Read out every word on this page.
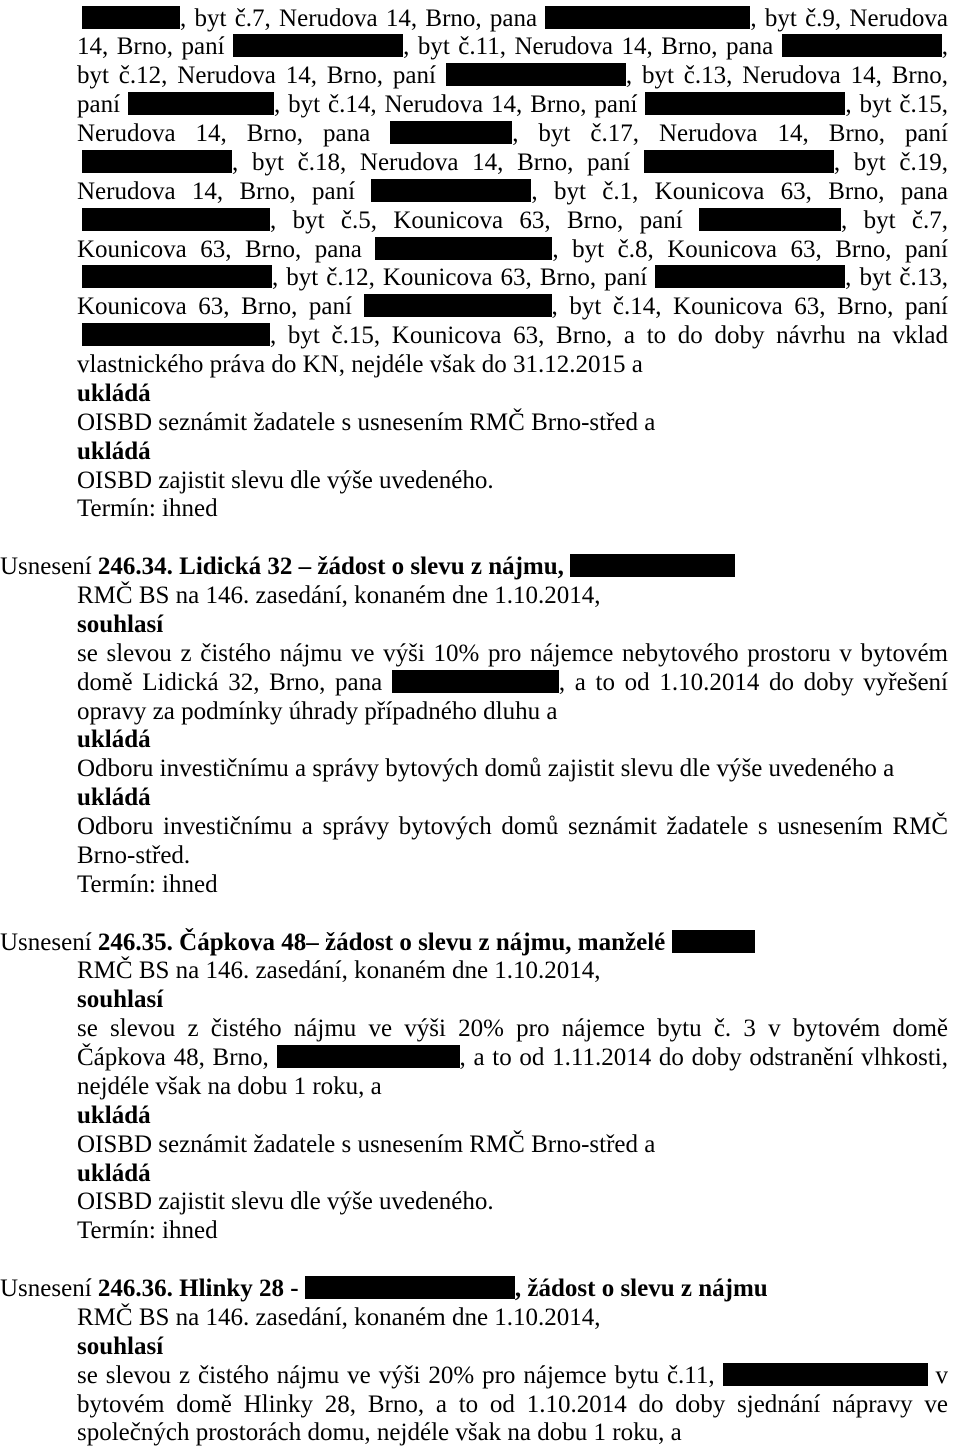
, byt č.7, Nerudova 14, Brno, pana	, byt č.9, Nerudova
14, Brno, paní	, byt č.11, Nerudova 14, Brno, pana	,
byt č.12, Nerudova 14, Brno, paní	, byt č.13, Nerudova 14, Brno,
paní	, byt č.14, Nerudova 14, Brno, paní	, byt č.15,
Nerudova 14, Brno, pana	, byt č.17, Nerudova 14, Brno, paní
, byt č.18, Nerudova 14, Brno, paní	, byt č.19,
Nerudova 14, Brno, paní	, byt č.1, Kounicova 63, Brno, pana
, byt č.5, Kounicova 63, Brno, paní	, byt č.7,
Kounicova 63, Brno, pana	, byt č.8, Kounicova 63, Brno, paní
, byt č.12, Kounicova 63, Brno, paní	, byt č.13,
Kounicova 63, Brno, paní	, byt č.14, Kounicova 63, Brno, paní
, byt č.15, Kounicova 63, Brno, a to do doby návrhu na vklad
vlastnického práva do KN, nejdéle však do 31.12.2015 a
ukládá
OISBD seznámit žadatele s usnesením RMČ Brno-střed a
ukládá
OISBD zajistit slevu dle výše uvedeného.
Termín: ihned
Usnesení 246.34. Lidická 32 – žádost o slevu z nájmu,
RMČ BS na 146. zasedání, konaném dne 1.10.2014,
souhlasí
se slevou z čistého nájmu ve výši 10% pro nájemce nebytového prostoru v bytovém
domě Lidická 32, Brno, pana	, a to od 1.10.2014 do doby vyřešení
opravy za podmínky úhrady případného dluhu a
ukládá
Odboru investičnímu a správy bytových domů zajistit slevu dle výše uvedeného a
ukládá
Odboru investičnímu a správy bytových domů seznámit žadatele s usnesením RMČ
Brno-střed.
Termín: ihned
Usnesení 246.35. Čápkova 48– žádost o slevu z nájmu, manželé
RMČ BS na 146. zasedání, konaném dne 1.10.2014,
souhlasí
se slevou z čistého nájmu ve výši 20% pro nájemce bytu č. 3 v bytovém domě
Čápkova 48, Brno,	, a to od 1.11.2014 do doby odstranění vlhkosti,
nejdéle však na dobu 1 roku, a
ukládá
OISBD seznámit žadatele s usnesením RMČ Brno-střed a
ukládá
OISBD zajistit slevu dle výše uvedeného.
Termín: ihned
Usnesení 246.36. Hlinky 28 -	, žádost o slevu z nájmu
RMČ BS na 146. zasedání, konaném dne 1.10.2014,
souhlasí
se slevou z čistého nájmu ve výši 20% pro nájemce bytu č.11,	v
bytovém domě Hlinky 28, Brno, a to od 1.10.2014 do doby sjednání nápravy ve
společných prostorách domu, nejdéle však na dobu 1 roku, a
